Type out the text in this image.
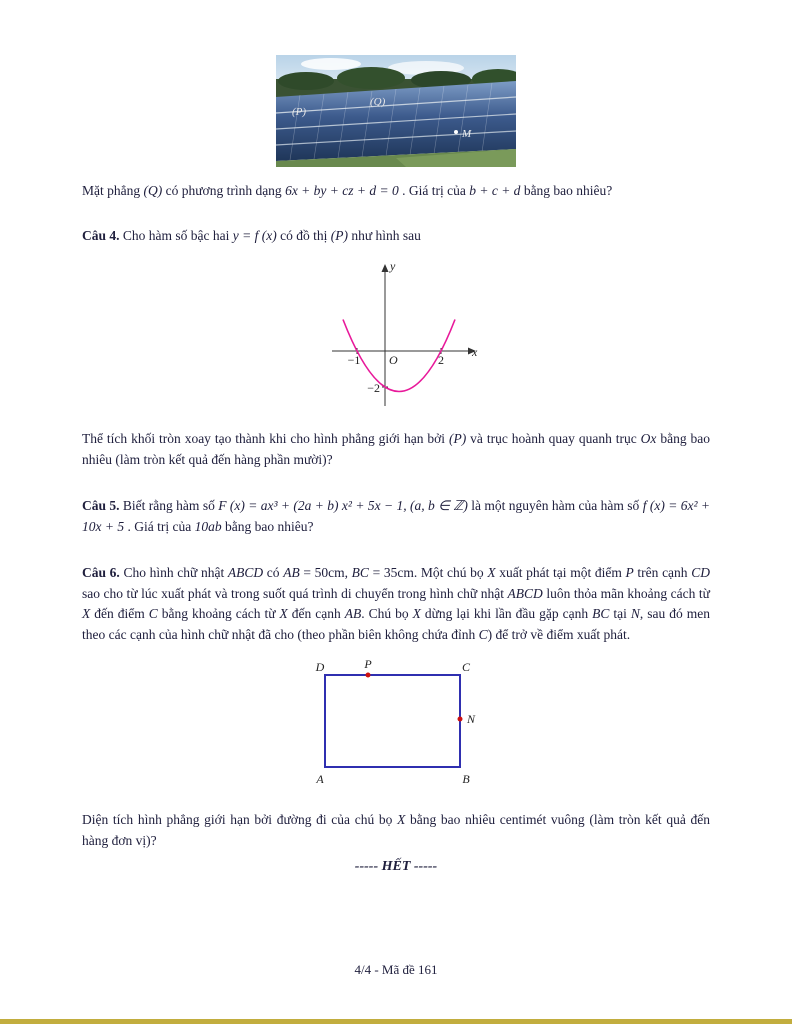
(P)
(Q)
M

Mặt phẳng (Q) có phương trình dạng 6x + by + cz + d = 0 . Giá trị của b + c + d bằng bao nhiêu?

Câu 4. Cho hàm số bậc hai y = f (x) có đồ thị (P) như hình sau

y
x
−1 O	2
−2

Thể tích khối tròn xoay tạo thành khi cho hình phẳng giới hạn bởi (P) và trục hoành quay quanh trục Ox bằng bao nhiêu (làm tròn kết quả đến hàng phần mười)?

Câu 5. Biết rằng hàm số F (x) = ax³ + (2a + b) x² + 5x − 1, (a, b ∈ ℤ) là một nguyên hàm của hàm số f (x) = 6x² + 10x + 5 . Giá trị của 10ab bằng bao nhiêu?

Câu 6. Cho hình chữ nhật ABCD có AB = 50cm, BC = 35cm. Một chú bọ X xuất phát tại một điểm P trên cạnh CD sao cho từ lúc xuất phát và trong suốt quá trình di chuyển trong hình chữ nhật ABCD luôn thỏa mãn khoảng cách từ X đến điểm C bằng khoảng cách từ X đến cạnh AB. Chú bọ X dừng lại khi lần đầu gặp cạnh BC tại N, sau đó men theo các cạnh của hình chữ nhật đã cho (theo phần biên không chứa đỉnh C) để trở về điểm xuất phát.

D	P	C
N
A	B

Diện tích hình phẳng giới hạn bởi đường đi của chú bọ X bằng bao nhiêu centimét vuông (làm tròn kết quả đến hàng đơn vị)?

----- HẾT -----

4/4 - Mã đề 161
